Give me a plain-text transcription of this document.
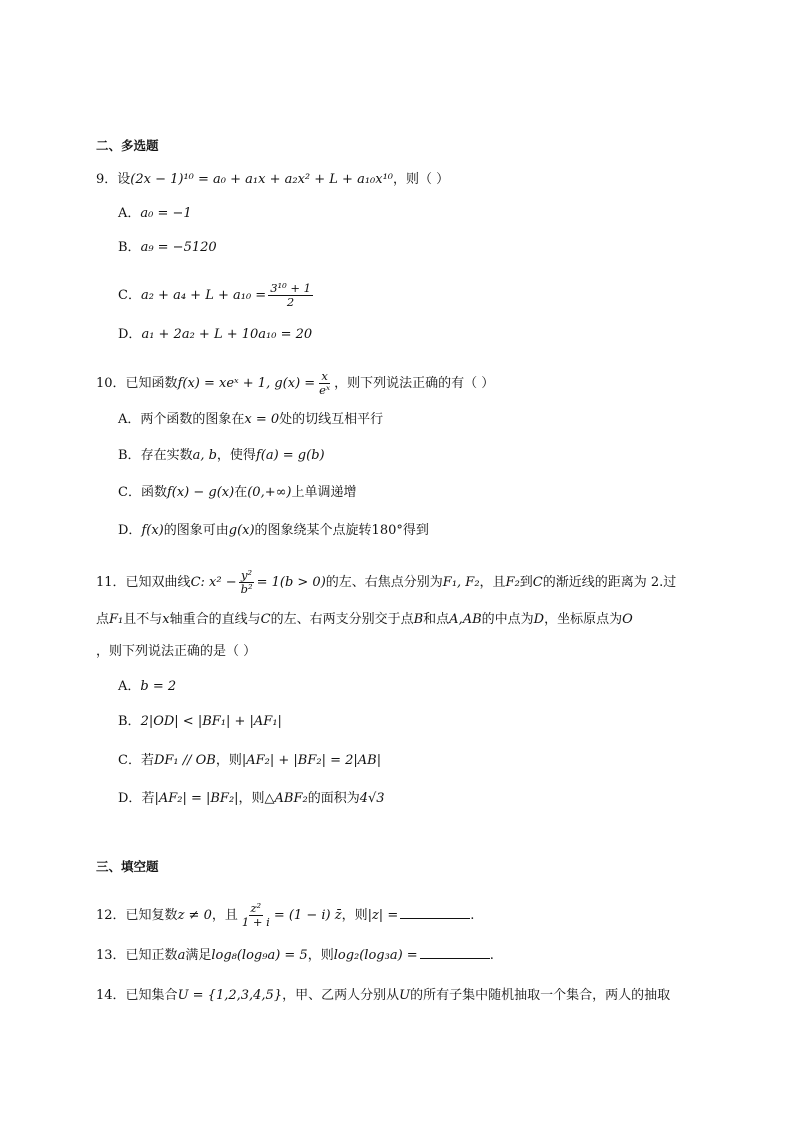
二、多选题
9．设(2x − 1)¹⁰ = a₀ + a₁x + a₂x² + L + a₁₀x¹⁰，则（ ）
A．a₀ = −1
B．a₉ = −5120
C．$a_2 + a_4 + L + a_{10} = \frac{\text{3¹⁰ + 1}}{2}$
D．a₁ + 2a₂ + L + 10a₁₀ = 20
10．已知函数f(x) = xeˣ + 1, $g(x) = \frac{x}{\text{eˣ}}$ ，则下列说法正确的有（ ）
A．两个函数的图象在x = 0处的切线互相平行
B．存在实数a, b，使得f(a) = g(b)
C．函数f(x) − g(x)在(0,+∞)上单调递增
D．f(x)的图象可由g(x)的图象绕某个点旋转180°得到
11．已知双曲线C: $x^2 - \frac{\text{y²}}{\text{b²}} = 1(b > 0)$的左、右焦点分别为F₁, F₂，且F₂到C的渐近线的距离为 2.过
点F₁且不与x轴重合的直线与C的左、右两支分别交于点B和点A,AB的中点为D，坐标原点为O
，则下列说法正确的是（ ）
A．b = 2
B．2|OD| < |BF₁| + |AF₁|
C．若DF₁ // OB，则|AF₂| + |BF₂| = 2|AB|
D．若|AF₂| = |BF₂|，则△ABF₂的面积为4√3
三、填空题
12．已知复数z ≠ 0，且 $\frac{\text{z²}}{1 + i} = (1 - i)$ z̄，则|z| =	.
13．已知正数a满足log₈(log₉a) = 5，则log₂(log₃a) =	.
14．已知集合U = {1,2,3,4,5}，甲、乙两人分别从U的所有子集中随机抽取一个集合，两人的抽取
